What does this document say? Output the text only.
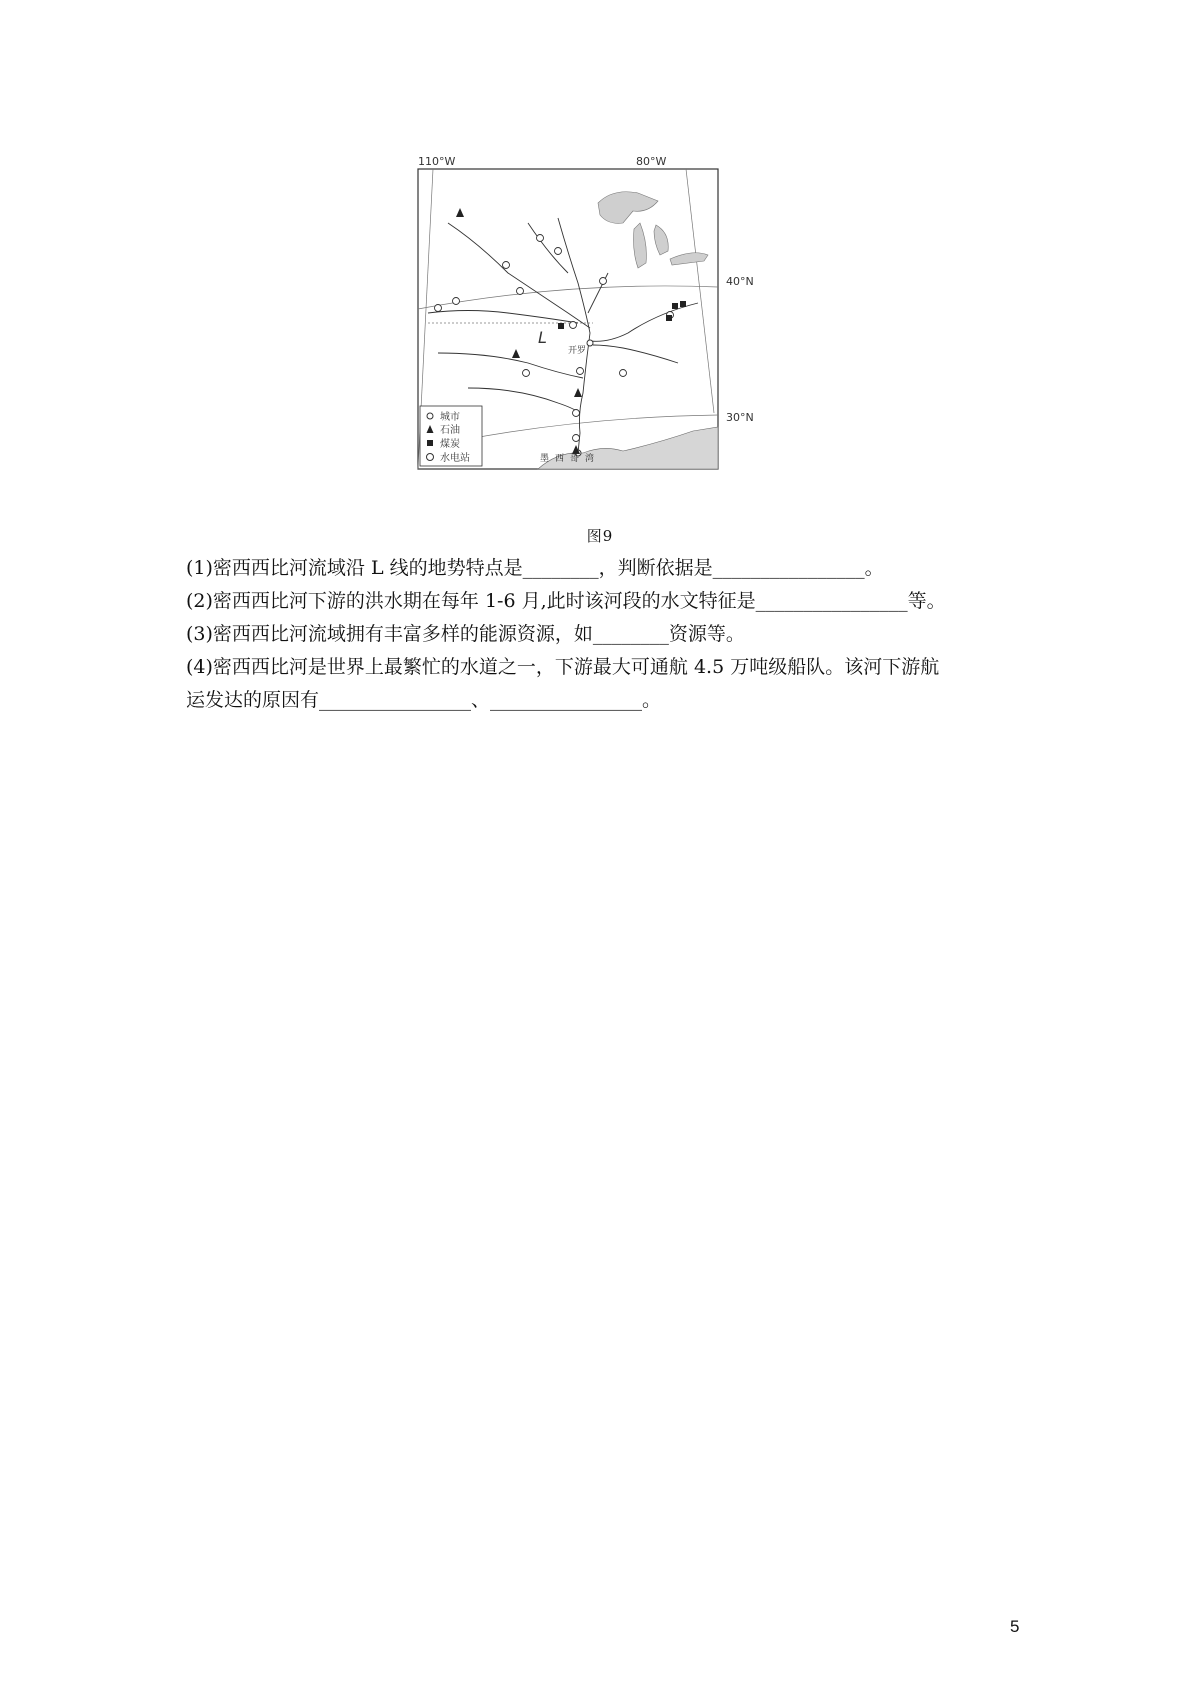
L
110°W	80°W
40°N
30°N
开罗
墨西哥湾
城市
石油
煤炭
水电站
图9

(1)密西西比河流域沿 L 线的地势特点是________，判断依据是________________。

(2)密西西比河下游的洪水期在每年 1-6 月,此时该河段的水文特征是________________等。

(3)密西西比河流域拥有丰富多样的能源资源，如________资源等。

(4)密西西比河是世界上最繁忙的水道之一，下游最大可通航 4.5 万吨级船队。该河下游航

运发达的原因有________________、________________。

5
